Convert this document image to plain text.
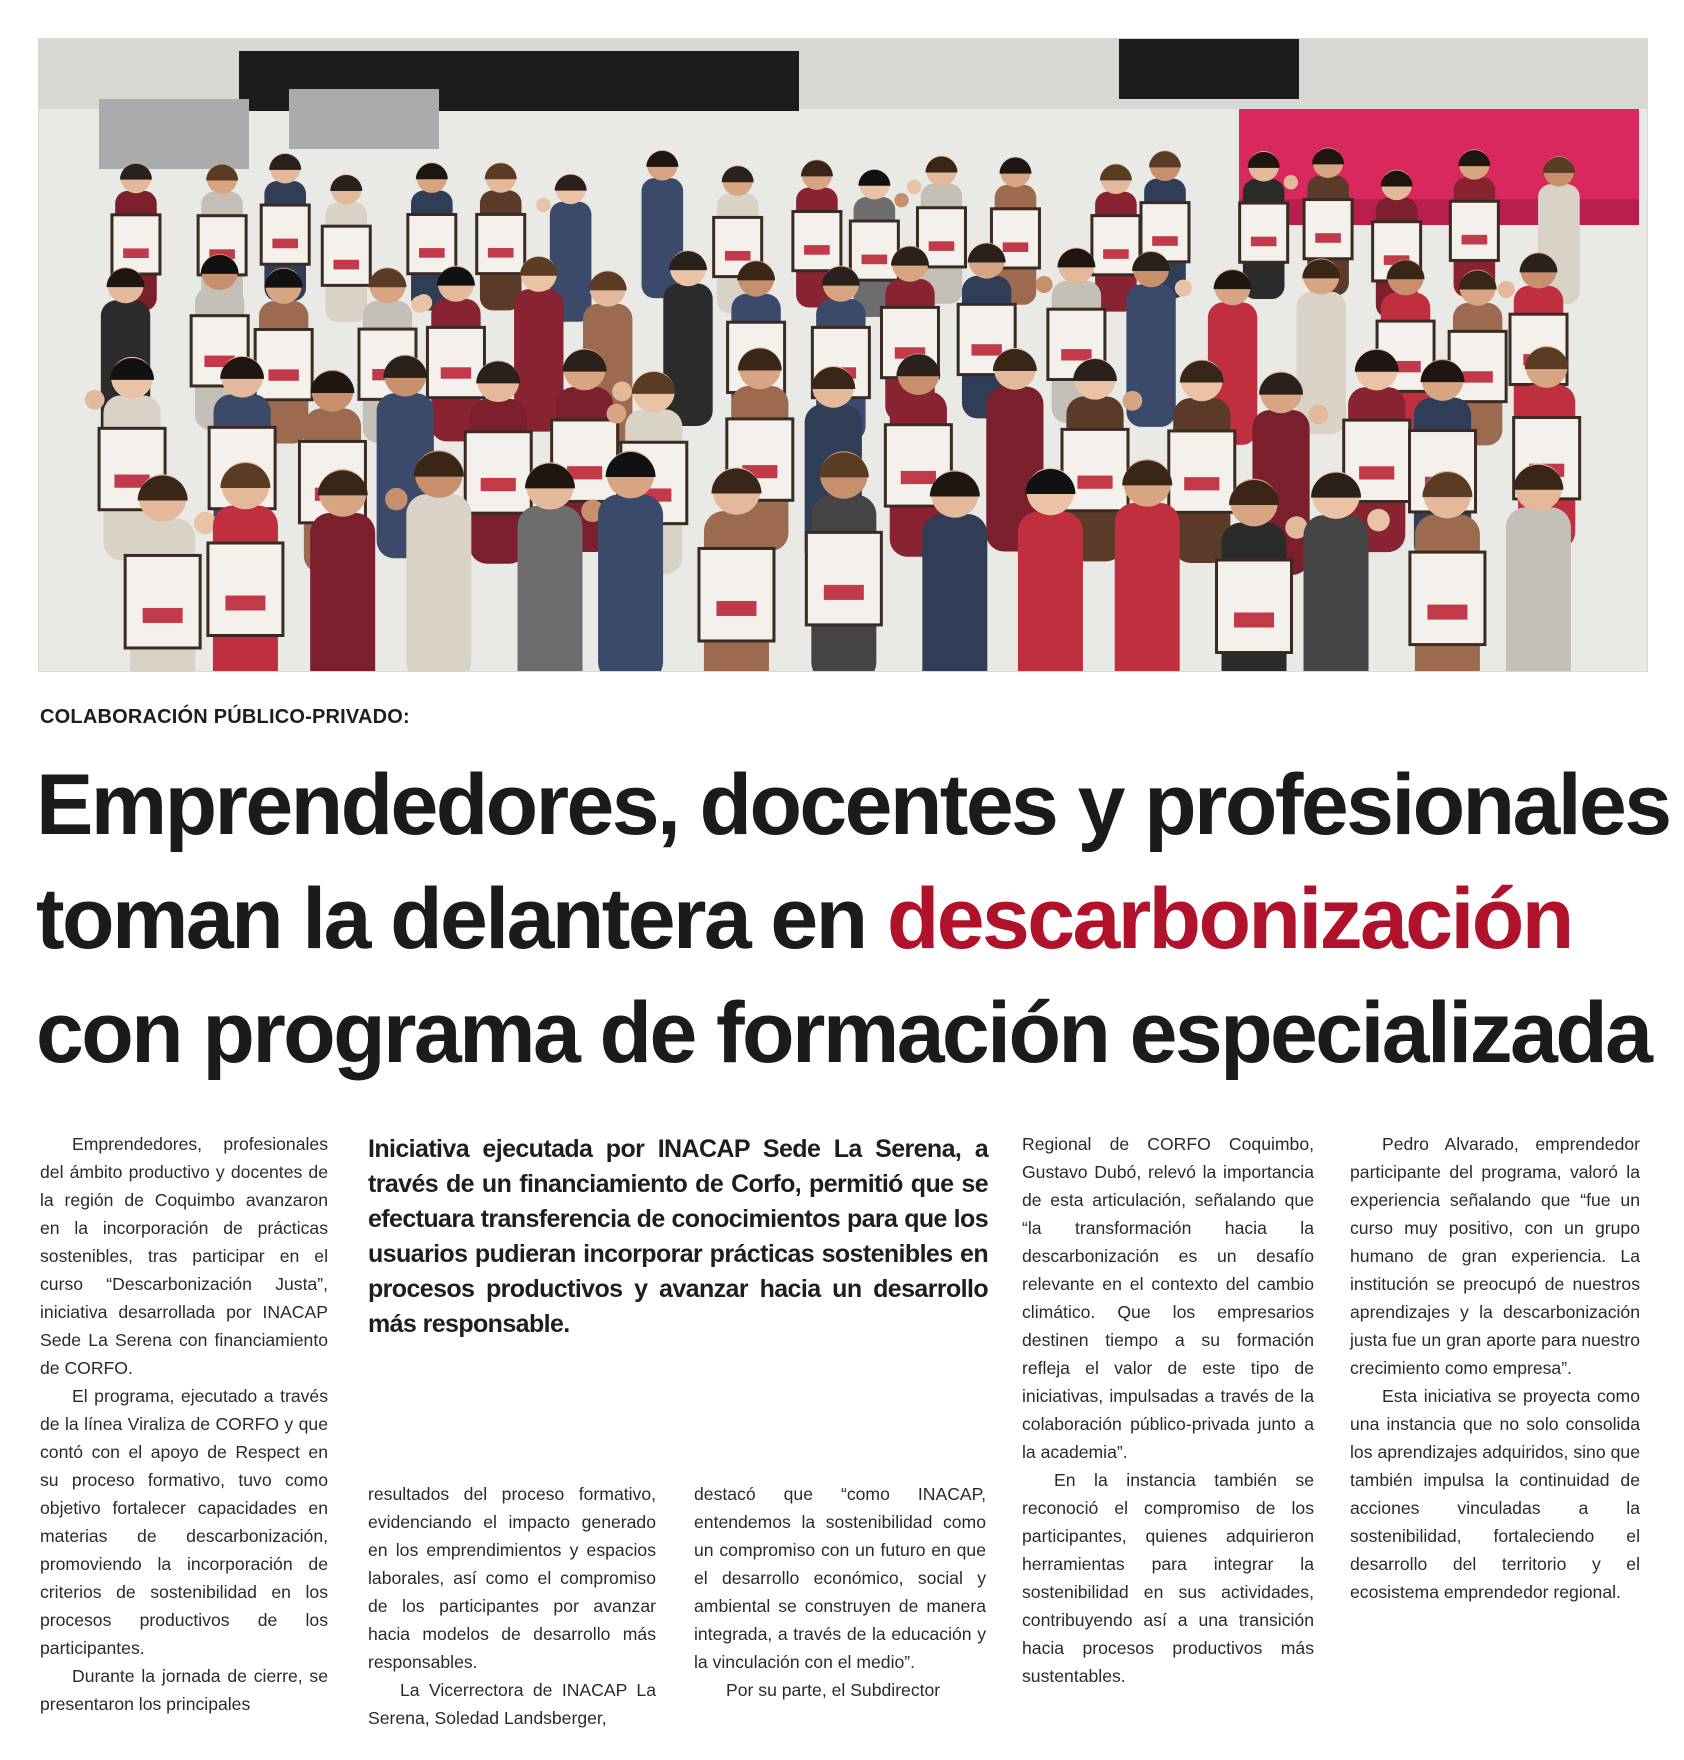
COLABORACIÓN PÚBLICO-PRIVADO:
Emprendedores, docentes y profesionales
toman la delantera en descarbonización
con programa de formación especializada

Emprendedores, profesionales del ámbito productivo y docentes de la región de Coquimbo avanzaron en la incorporación de prácticas sostenibles, tras participar en el curso “Descarbonización Justa”, iniciativa desarrollada por INACAP Sede La Serena con financiamiento de CORFO.

El programa, ejecutado a través de la línea Viraliza de CORFO y que contó con el apoyo de Respect en su proceso formativo, tuvo como objetivo fortalecer capacidades en materias de descarbonización, promoviendo la incorporación de criterios de sostenibilidad en los procesos productivos de los participantes.

Durante la jornada de cierre, se presentaron los principales

Iniciativa ejecutada por INACAP Sede La Serena, a través de un financiamiento de Corfo, permitió que se efectuara transferencia de conocimientos para que los usuarios pudieran incorporar prácticas sostenibles en procesos productivos y avanzar hacia un desarrollo más responsable.

resultados del proceso formativo, evidenciando el impacto generado en los emprendimientos y espacios laborales, así como el compromiso de los participantes por avanzar hacia modelos de desarrollo más responsables.

La Vicerrectora de INACAP La Serena, Soledad Landsberger,

destacó que “como INACAP, entendemos la sostenibilidad como un compromiso con un futuro en que el desarrollo económico, social y ambiental se construyen de manera integrada, a través de la educación y la vinculación con el medio”.

Por su parte, el Subdirector

Regional de CORFO Coquimbo, Gustavo Dubó, relevó la importancia de esta articulación, señalando que “la transformación hacia la descarbonización es un desafío relevante en el contexto del cambio climático. Que los empresarios destinen tiempo a su formación refleja el valor de este tipo de iniciativas, impulsadas a través de la colaboración público-privada junto a la academia”.

En la instancia también se reconoció el compromiso de los participantes, quienes adquirieron herramientas para integrar la sostenibilidad en sus actividades, contribuyendo así a una transición hacia procesos productivos más sustentables.

Pedro Alvarado, emprendedor participante del programa, valoró la experiencia señalando que “fue un curso muy positivo, con un grupo humano de gran experiencia. La institución se preocupó de nuestros aprendizajes y la descarbonización justa fue un gran aporte para nuestro crecimiento como empresa”.

Esta iniciativa se proyecta como una instancia que no solo consolida los aprendizajes adquiridos, sino que también impulsa la continuidad de acciones vinculadas a la sostenibilidad, fortaleciendo el desarrollo del territorio y el ecosistema emprendedor regional.
